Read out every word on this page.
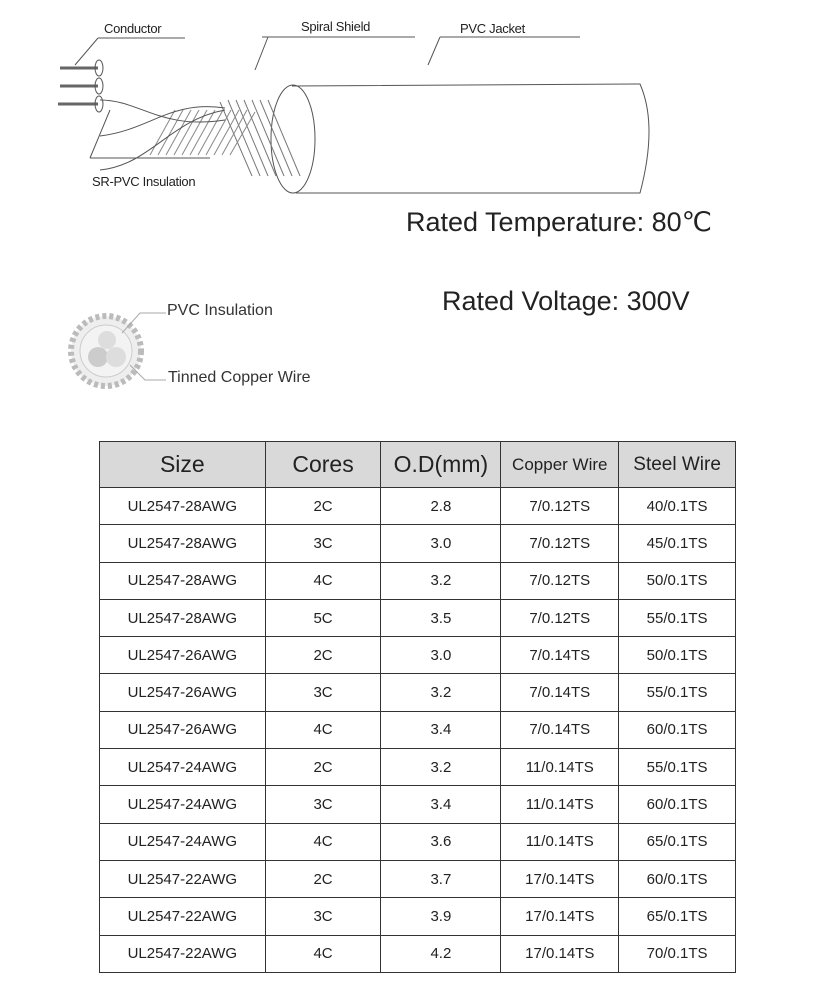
Conductor	Spiral Shield	PVC Jacket
SR-PVC Insulation
PVC Insulation
Tinned Copper Wire
Rated Temperature: 80℃
Rated Voltage: 300V
Size	Cores	O.D(mm)	Copper Wire	Steel Wire
UL2547-28AWG	2C	2.8	7/0.12TS	40/0.1TS
UL2547-28AWG	3C	3.0	7/0.12TS	45/0.1TS
UL2547-28AWG	4C	3.2	7/0.12TS	50/0.1TS
UL2547-28AWG	5C	3.5	7/0.12TS	55/0.1TS
UL2547-26AWG	2C	3.0	7/0.14TS	50/0.1TS
UL2547-26AWG	3C	3.2	7/0.14TS	55/0.1TS
UL2547-26AWG	4C	3.4	7/0.14TS	60/0.1TS
UL2547-24AWG	2C	3.2	11/0.14TS	55/0.1TS
UL2547-24AWG	3C	3.4	11/0.14TS	60/0.1TS
UL2547-24AWG	4C	3.6	11/0.14TS	65/0.1TS
UL2547-22AWG	2C	3.7	17/0.14TS	60/0.1TS
UL2547-22AWG	3C	3.9	17/0.14TS	65/0.1TS
UL2547-22AWG	4C	4.2	17/0.14TS	70/0.1TS
